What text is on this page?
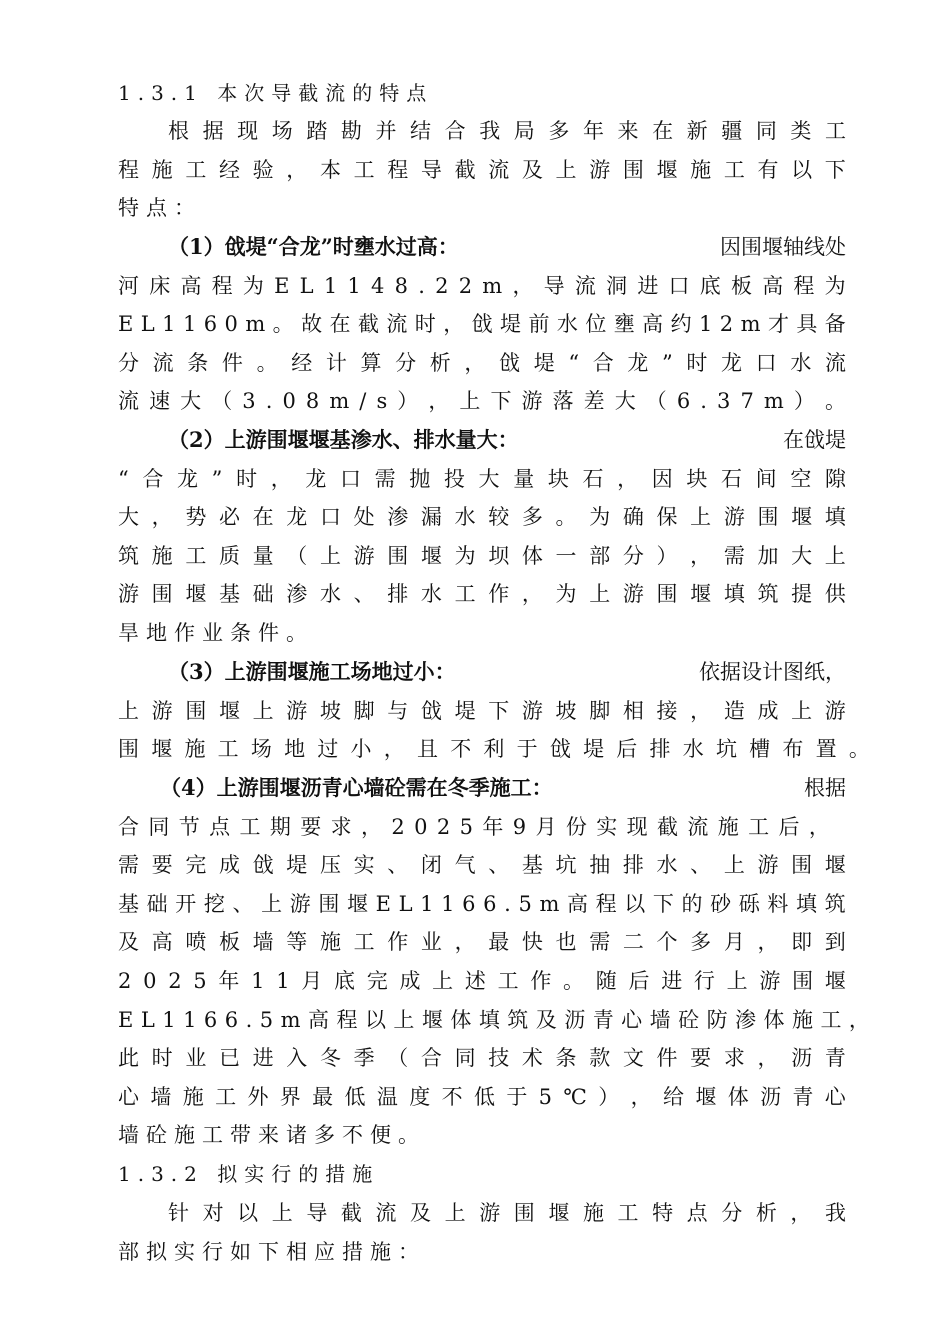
1.3.1 本次导截流的特点
根 据 现 场 踏 勘 并 结 合 我 局 多 年 来 在 新 疆 同 类 工
程 施 工 经 验 ， 本 工 程 导 截 流 及 上 游 围 堰 施 工 有 以 下
特点：
（1）戗堤“合龙”时壅水过高：	因围堰轴线处
河 床 高 程 为 E L 1 1 4 8 . 2 2 m ， 导 流 洞 进 口 底 板 高 程 为
E L 1 1 6 0 m 。 故 在 截 流 时 ， 戗 堤 前 水 位 壅 高 约 1 2 m 才 具 备
分 流 条 件 。 经 计 算 分 析 ， 戗 堤 “ 合 龙 ” 时 龙 口 水 流
流 速 大 （ 3 . 0 8 m / s ） ， 上 下 游 落 差 大 （ 6 . 3 7 m ） 。
（2）上游围堰堰基渗水、排水量大：	在戗堤
“ 合 龙 ” 时 ， 龙 口 需 抛 投 大 量 块 石 ， 因 块 石 间 空 隙
大 ， 势 必 在 龙 口 处 渗 漏 水 较 多 。 为 确 保 上 游 围 堰 填
筑 施 工 质 量 （ 上 游 围 堰 为 坝 体 一 部 分 ） ， 需 加 大 上
游 围 堰 基 础 渗 水 、 排 水 工 作 ， 为 上 游 围 堰 填 筑 提 供
旱地作业条件。
（3）上游围堰施工场地过小：	依据设计图纸，
上 游 围 堰 上 游 坡 脚 与 戗 堤 下 游 坡 脚 相 接 ， 造 成 上 游
围 堰 施 工 场 地 过 小 ， 且 不 利 于 戗 堤 后 排 水 坑 槽 布 置 。
（4）上游围堰沥青心墙砼需在冬季施工：	根据
合 同 节 点 工 期 要 求 ， 2 0 2 5 年 9 月 份 实 现 截 流 施 工 后 ，
需 要 完 成 戗 堤 压 实 、 闭 气 、 基 坑 抽 排 水 、 上 游 围 堰
基 础 开 挖 、 上 游 围 堰 E L 1 1 6 6 . 5 m 高 程 以 下 的 砂 砾 料 填 筑
及 高 喷 板 墙 等 施 工 作 业 ， 最 快 也 需 二 个 多 月 ， 即 到
2 0 2 5 年 1 1 月 底 完 成 上 述 工 作 。 随 后 进 行 上 游 围 堰
E L 1 1 6 6 . 5 m 高 程 以 上 堰 体 填 筑 及 沥 青 心 墙 砼 防 渗 体 施 工 ，
此 时 业 已 进 入 冬 季 （ 合 同 技 术 条 款 文 件 要 求 ， 沥 青
心 墙 施 工 外 界 最 低 温 度 不 低 于 5 ℃ ） ， 给 堰 体 沥 青 心
墙砼施工带来诸多不便。
1.3.2 拟实行的措施
针 对 以 上 导 截 流 及 上 游 围 堰 施 工 特 点 分 析 ， 我
部拟实行如下相应措施：
